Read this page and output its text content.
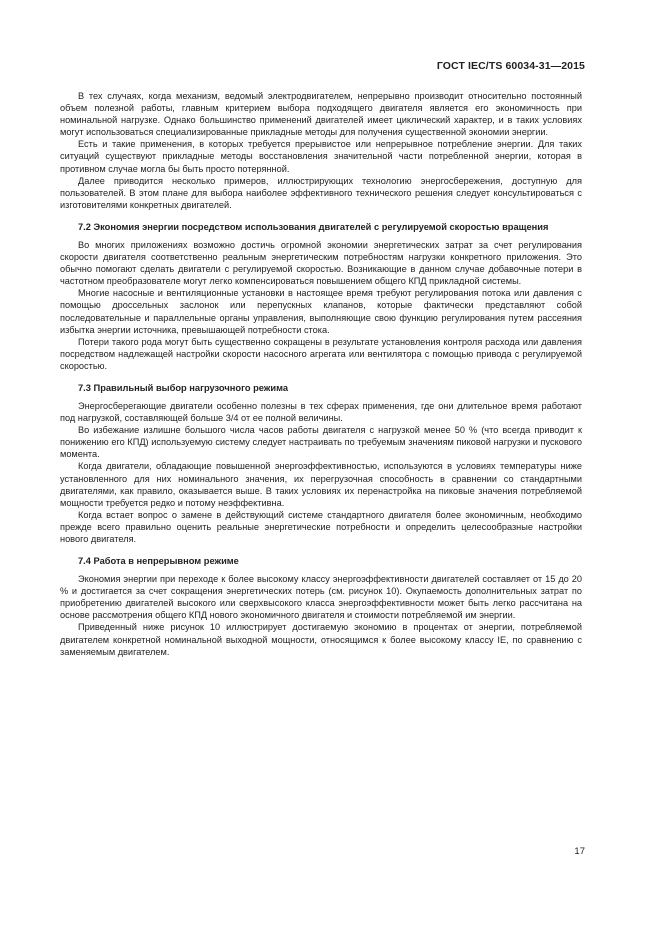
ГОСТ IEC/TS 60034-31—2015

В тех случаях, когда механизм, ведомый электродвигателем, непрерывно производит относительно постоянный объем полезной работы, главным критерием выбора подходящего двигателя является его экономичность при номинальной нагрузке. Однако большинство применений двигателей имеет циклический характер, и в таких условиях могут использоваться специализированные прикладные методы для получения существенной экономии энергии.

Есть и такие применения, в которых требуется прерывистое или непрерывное потребление энергии. Для таких ситуаций существуют прикладные методы восстановления значительной части потребленной энергии, которая в противном случае могла бы быть просто потерянной.

Далее приводится несколько примеров, иллюстрирующих технологию энергосбережения, доступную для пользователей. В этом плане для выбора наиболее эффективного технического решения следует консультироваться с изготовителями конкретных двигателей.

7.2 Экономия энергии посредством использования двигателей с регулируемой скоростью вращения

Во многих приложениях возможно достичь огромной экономии энергетических затрат за счет регулирования скорости двигателя соответственно реальным энергетическим потребностям нагрузки конкретного приложения. Это обычно помогают сделать двигатели с регулируемой скоростью. Возникающие в данном случае добавочные потери в частотном преобразователе могут легко компенсироваться повышением общего КПД прикладной системы.

Многие насосные и вентиляционные установки в настоящее время требуют регулирования потока или давления с помощью дроссельных заслонок или перепускных клапанов, которые фактически представляют собой последовательные и параллельные органы управления, выполняющие свою функцию регулирования путем рассеяния избытка энергии источника, превышающей потребности стока.

Потери такого рода могут быть существенно сокращены в результате установления контроля расхода или давления посредством надлежащей настройки скорости насосного агрегата или вентилятора с помощью привода с регулируемой скоростью.

7.3 Правильный выбор нагрузочного режима

Энергосберегающие двигатели особенно полезны в тех сферах применения, где они длительное время работают под нагрузкой, составляющей больше 3/4 от ее полной величины.

Во избежание излишне большого числа часов работы двигателя с нагрузкой менее 50 % (что всегда приводит к понижению его КПД) используемую систему следует настраивать по требуемым значениям пиковой нагрузки и пускового момента.

Когда двигатели, обладающие повышенной энергоэффективностью, используются в условиях температуры ниже установленного для них номинального значения, их перегрузочная способность в сравнении со стандартными двигателями, как правило, оказывается выше. В таких условиях их перенастройка на пиковые значения потребляемой мощности требуется редко и потому неэффективна.

Когда встает вопрос о замене в действующий системе стандартного двигателя более экономичным, необходимо прежде всего правильно оценить реальные энергетические потребности и определить целесообразные настройки нового двигателя.

7.4 Работа в непрерывном режиме

Экономия энергии при переходе к более высокому классу энергоэффективности двигателей составляет от 15 до 20 % и достигается за счет сокращения энергетических потерь (см. рисунок 10). Окупаемость дополнительных затрат по приобретению двигателей высокого или сверхвысокого класса энергоэффективности может быть легко рассчитана на основе рассмотрения общего КПД нового экономичного двигателя и стоимости потребляемой им энергии.

Приведенный ниже рисунок 10 иллюстрирует достигаемую экономию в процентах от энергии, потребляемой двигателем конкретной номинальной выходной мощности, относящимся к более высокому классу IE, по сравнению с заменяемым двигателем.

17
